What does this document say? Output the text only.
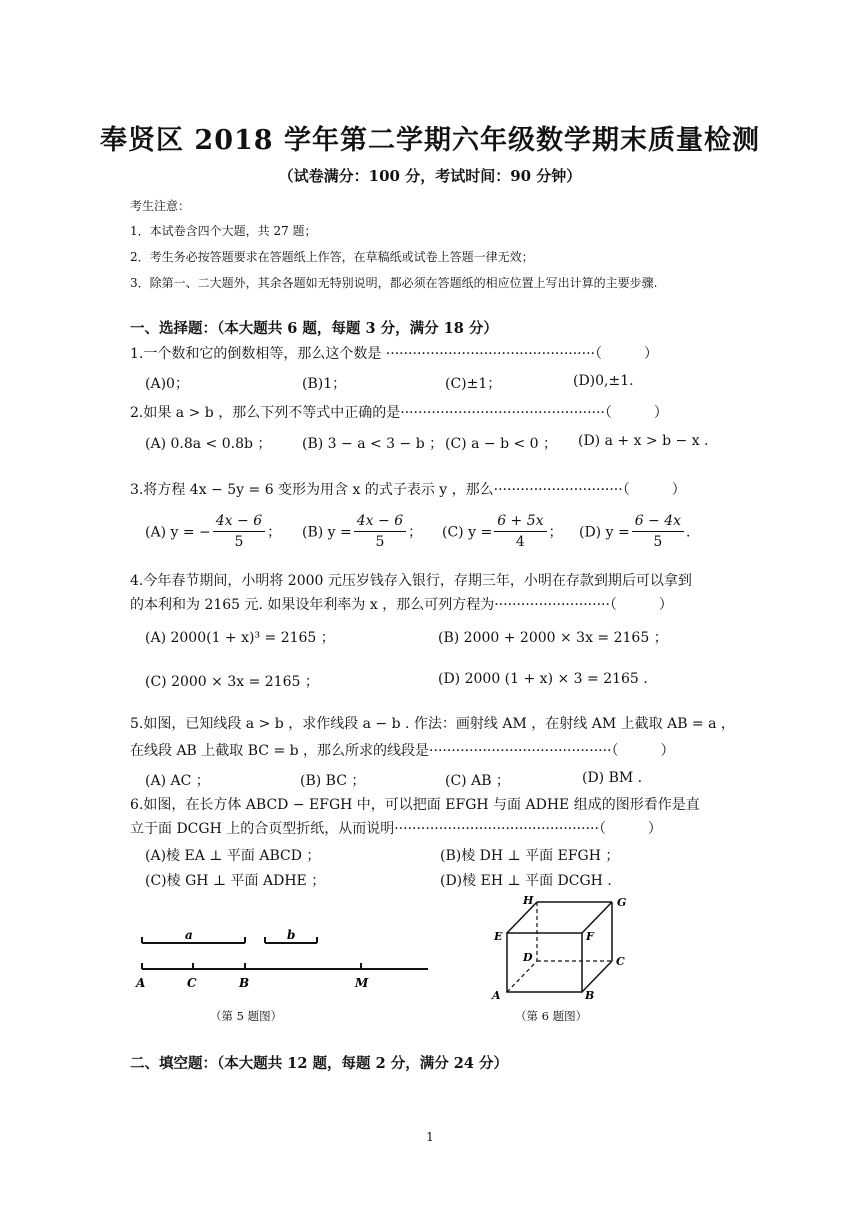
奉贤区 2018 学年第二学期六年级数学期末质量检测
（试卷满分：100 分，考试时间：90 分钟）
考生注意：
1．本试卷含四个大题，共 27 题；
2．考生务必按答题要求在答题纸上作答，在草稿纸或试卷上答题一律无效；
3．除第一、二大题外，其余各题如无特别说明，都必须在答题纸的相应位置上写出计算的主要步骤.
一、选择题：（本大题共 6 题，每题 3 分，满分 18 分）
1.一个数和它的倒数相等，那么这个数是 ···············································（　　　）
(A)0；	(B)1；	(C)±1；	(D)0,±1.
2.如果 a > b ，那么下列不等式中正确的是··············································（　　　）
(A) 0.8a < 0.8b ； (B) 3 − a < 3 − b ； (C) a − b < 0 ； (D) a + x > b − x .
3.将方程 4x − 5y = 6 变形为用含 x 的式子表示 y ，那么·····························（　　　）
(A) y = − $\frac{4x - 6}{5}$ ； (B) $y = \frac{4x - 6}{5}$ ； (C) $y = \frac{6 + 5x}{4}$ ； (D) $y = \frac{6 - 4x}{5}$ .
4.今年春节期间，小明将 2000 元压岁钱存入银行，存期三年，小明在存款到期后可以拿到
的本利和为 2165 元. 如果设年利率为 x ，那么可列方程为··························（　　　）
(A) 2000(1 + x)³ = 2165 ；	(B) 2000 + 2000 × 3x = 2165 ；
(C) 2000 × 3x = 2165 ；	(D) 2000 (1 + x) × 3 = 2165 .
5.如图，已知线段 a > b ，求作线段 a − b . 作法：画射线 AM ，在射线 AM 上截取 AB = a ，
在线段 AB 上截取 BC = b ，那么所求的线段是·········································（　　　）
(A) AC ；	(B) BC ；	(C) AB ；	(D) BM .
6.如图，在长方体 ABCD − EFGH 中，可以把面 EFGH 与面 ADHE 组成的图形看作是直
立于面 DCGH 上的合页型折纸，从而说明··············································（　　　）
(A)棱 EA ⊥ 平面 ABCD ；	(B)棱 DH ⊥ 平面 EFGH ；
(C)棱 GH ⊥ 平面 ADHE ；	(D)棱 EH ⊥ 平面 DCGH .
a	b
A	C	B	M
（第 5 题图）
H	G
E	F
D	C
A	B
（第 6 题图）
二、填空题：（本大题共 12 题，每题 2 分，满分 24 分）
1
